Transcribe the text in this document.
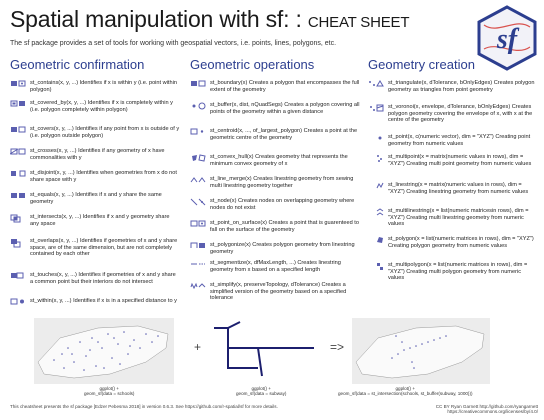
Spatial manipulation with sf: : CHEAT SHEET
The sf package provides a set of tools for working with geospatial vectors, i.e. points, lines, polygons, etc.	sf
Geometric confirmation	Geometric operations	Geometry creation
st_contains(x, y, ...) Identifies if x is within y (i.e. point within polygon)
st_covered_by(x, y, ...) Identifies if x is completely within y (i.e. polygon completely within polygon)
st_covers(x, y, ...) Identifies if any point from x is outside of y (i.e. polygon outside polygon)
st_crosses(x, y, ...) Identifies if any geometry of x have commonalities with y
st_disjoint(x, y, ...) Identifies when geometries from x do not share space with y
st_equals(x, y, ...) Identifies if x and y share the same geometry
st_intersects(x, y, ...) Identifies if x and y geometry share any space
st_overlaps(x, y, ...) Identifies if geometries of x and y share space, are of the same dimension, but are not completely contained by each other
st_touches(x, y, ...) Identifies if geometries of x and y share a common point but their interiors do not intersect
st_within(x, y, ...) Identifies if x is in a specified distance to y
st_boundary(x) Creates a polygon that encompasses the full extent of the geometry
st_buffer(x, dist, nQuadSegs) Creates a polygon covering all points of the geometry within a given distance
st_centroid(x, ..., of_largest_polygon) Creates a point at the geometric centre of the geometry
st_convex_hull(x) Creates geometry that represents the minimum convex geometry of x
st_line_merge(x) Creates linestring geometry from sewing multi linestring geometry together
st_node(x) Creates nodes on overlapping geometry where nodes do not exist
st_point_on_surface(x) Creates a point that is guarenteed to fall on the surface of the geometry
st_polygonize(x) Creates polygon geometry from linestring geometry
st_segmentize(x, dfMaxLength, ...) Creates linestring geometry from x based on a specified length
st_simplify(x, preserveTopology, dTolerance) Creates a simplified version of the geometry based on a specified tolerance
st_triangulate(x, dTolerance, bOnlyEdges) Creates polygon geometry as triangles from point geometry
st_voronoi(x, envelope, dTolerance, bOnlyEdges) Creates polygon geometry covering the envelope of x, with x at the centre of the geometry
st_point(x, c(numeric vector), dim = "XYZ") Creating point geometry from numeric values
st_multipoint(x = matrix(numeric values in rows), dim = "XYZ") Creating multi point geometry from numeric values
st_linestring(x = matrix(numeric values in rows), dim = "XYZ") Creating linestring geometry from numeric values
st_multilinestring(x = list(numeric matricesin rows), dim = "XYZ") Creating multi linestring geometry from numeric values
st_polygon(x = list(numeric matrices in rows), dim = "XYZ") Creating polygon geometry from numeric values
st_multipolygon(x = list(numeric matrices in rows), dim = "XYZ") Creating multi polygon geometry from numeric values
ggplot() +
geom_sf(data = schools)
+
ggplot() +
geom_sf(data = subway)
=>
ggplot() +
geom_sf(data = st_intersection(schools, st_buffer(subway, 1000)))
This cheatsheet presents the sf package [Edzer Pebesma 2018] in version 0.6.3. See https://github.com/r-spatial/sf for more details.	CC BY Ryan Garnett http://github.com/ryangarnett
https://creativecommons.org/licenses/by/4.0/
